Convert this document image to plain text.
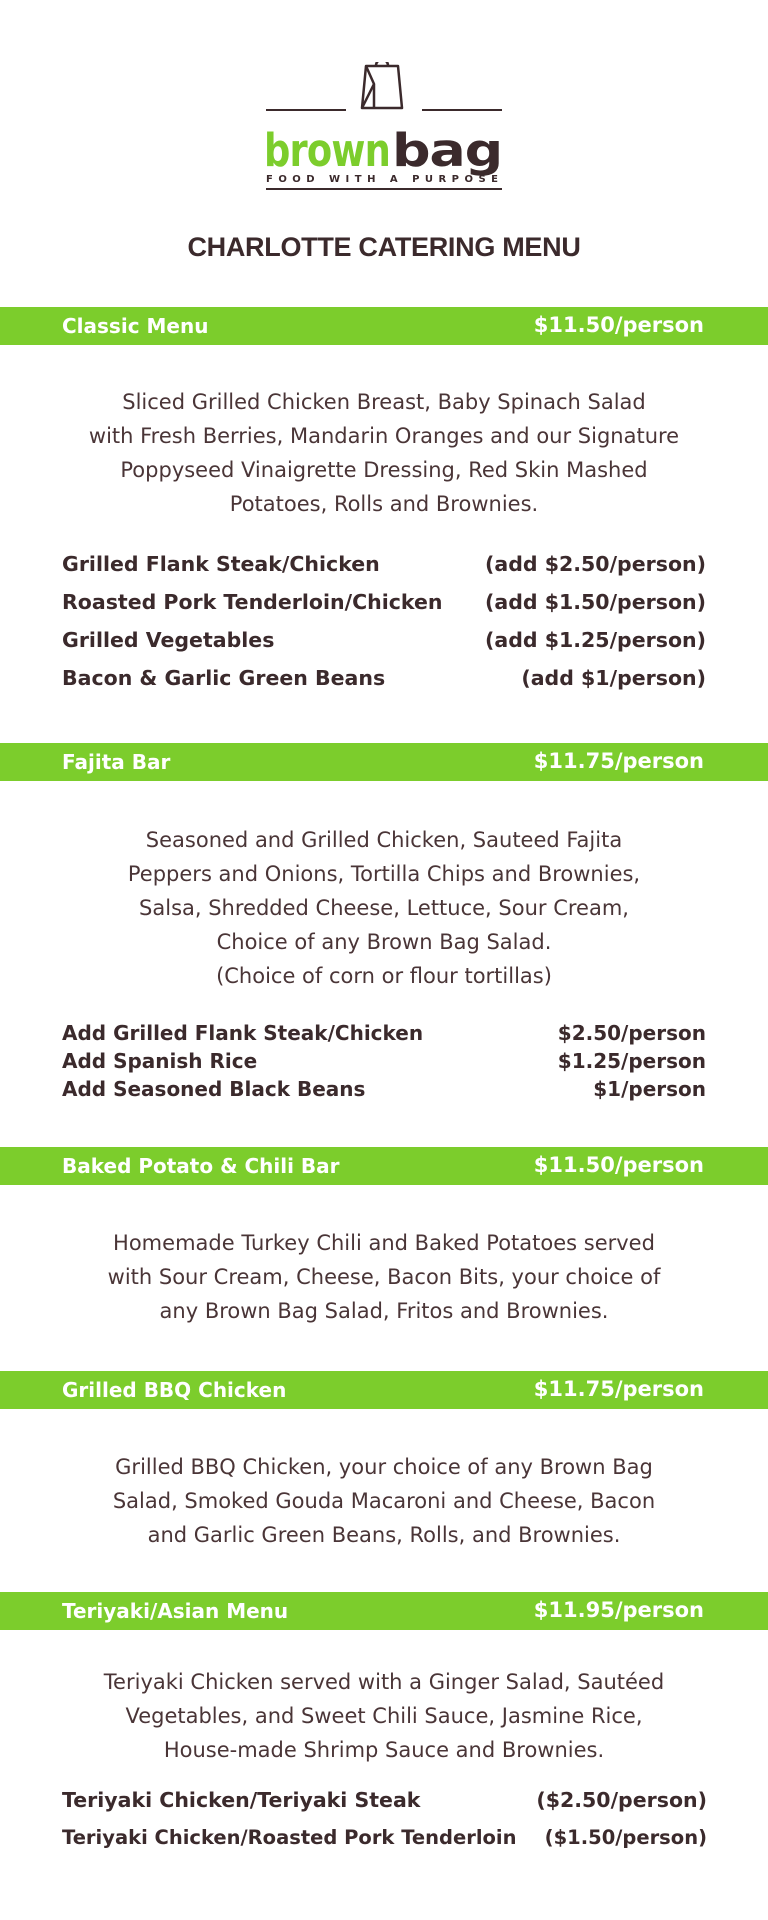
brown bag
FOOD WITH A PURPOSE
CHARLOTTE CATERING MENU
Classic Menu	$11.50/person
Sliced Grilled Chicken Breast, Baby Spinach Salad
with Fresh Berries, Mandarin Oranges and our Signature
Poppyseed Vinaigrette Dressing, Red Skin Mashed
Potatoes, Rolls and Brownies.
Grilled Flank Steak/Chicken	(add $2.50/person)
Roasted Pork Tenderloin/Chicken (add $1.50/person)
Grilled Vegetables	(add $1.25/person)
Bacon & Garlic Green Beans	(add $1/person)
Fajita Bar	$11.75/person
Seasoned and Grilled Chicken, Sauteed Fajita
Peppers and Onions, Tortilla Chips and Brownies,
Salsa, Shredded Cheese, Lettuce, Sour Cream,
Choice of any Brown Bag Salad.
(Choice of corn or flour tortillas)
Add Grilled Flank Steak/Chicken	$2.50/person
Add Spanish Rice	$1.25/person
Add Seasoned Black Beans	$1/person
Baked Potato & Chili Bar	$11.50/person
Homemade Turkey Chili and Baked Potatoes served
with Sour Cream, Cheese, Bacon Bits, your choice of
any Brown Bag Salad, Fritos and Brownies.
Grilled BBQ Chicken	$11.75/person
Grilled BBQ Chicken, your choice of any Brown Bag
Salad, Smoked Gouda Macaroni and Cheese, Bacon
and Garlic Green Beans, Rolls, and Brownies.
Teriyaki/Asian Menu	$11.95/person
Teriyaki Chicken served with a Ginger Salad, Sautéed
Vegetables, and Sweet Chili Sauce, Jasmine Rice,
House-made Shrimp Sauce and Brownies.
Teriyaki Chicken/Teriyaki Steak	($2.50/person)
Teriyaki Chicken/Roasted Pork Tenderloin ($1.50/person)
